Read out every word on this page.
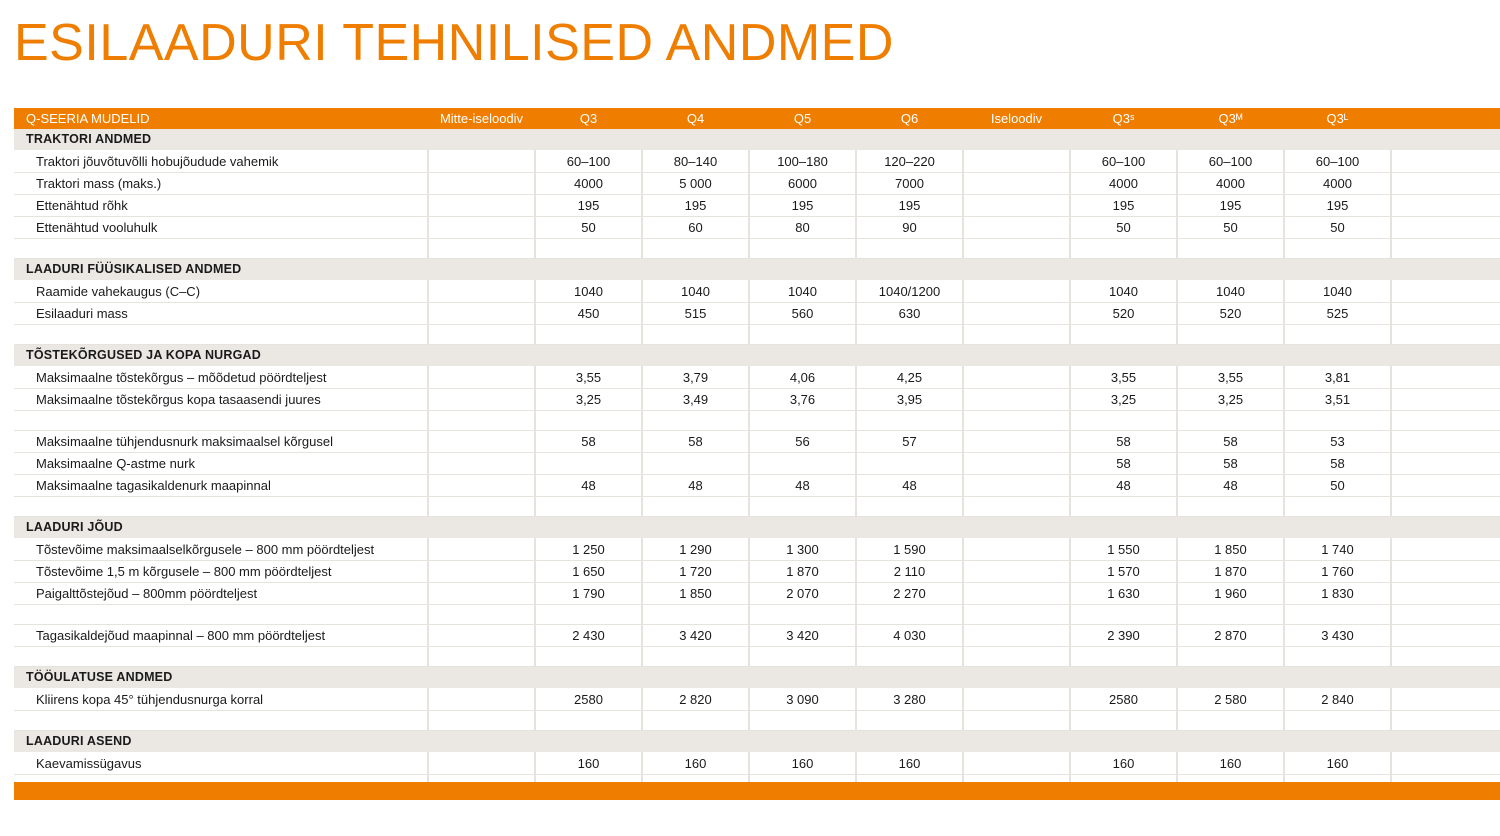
ESILAADURI TEHNILISED ANDMED
Q-SEERIA MUDELID	Mitte-iseloodiv	Q3	Q4	Q5	Q6	Iseloodiv	Q3ˢ	Q3ᴹ	Q3ᴸ	
TRAKTORI ANDMED										
Traktori jõuvõtuvõlli hobujõudude vahemik		60–100	80–140	100–180	120–220		60–100	60–100	60–100	
Traktori mass (maks.)		4000	5 000	6000	7000		4000	4000	4000	
Ettenähtud rõhk		195	195	195	195		195	195	195	
Ettenähtud vooluhulk		50	60	80	90		50	50	50	

LAADURI FÜÜSIKALISED ANDMED										
Raamide vahekaugus (C–C)		1040	1040	1040	1040/1200		1040	1040	1040	
Esilaaduri mass		450	515	560	630		520	520	525	

TÕSTEKÕRGUSED JA KOPA NURGAD										
Maksimaalne tõstekõrgus – mõõdetud pöördteljest		3,55	3,79	4,06	4,25		3,55	3,55	3,81	
Maksimaalne tõstekõrgus kopa tasaasendi juures		3,25	3,49	3,76	3,95		3,25	3,25	3,51	

Maksimaalne tühjendusnurk maksimaalsel kõrgusel		58	58	56	57		58	58	53	
Maksimaalne Q-astme nurk							58	58	58	
Maksimaalne tagasikaldenurk maapinnal		48	48	48	48		48	48	50	

LAADURI JÕUD										
Tõstevõime maksimaalselkõrgusele – 800 mm pöördteljest		1 250	1 290	1 300	1 590		1 550	1 850	1 740	
Tõstevõime 1,5 m kõrgusele – 800 mm pöördteljest		1 650	1 720	1 870	2 110		1 570	1 870	1 760	
Paigalttõstejõud – 800mm pöördteljest		1 790	1 850	2 070	2 270		1 630	1 960	1 830	

Tagasikaldejõud maapinnal – 800 mm pöördteljest		2 430	3 420	3 420	4 030		2 390	2 870	3 430	

TÖÖULATUSE ANDMED										
Kliirens kopa 45° tühjendusnurga korral		2580	2 820	3 090	3 280		2580	2 580	2 840	

LAADURI ASEND										
Kaevamissügavus		160	160	160	160		160	160	160	
